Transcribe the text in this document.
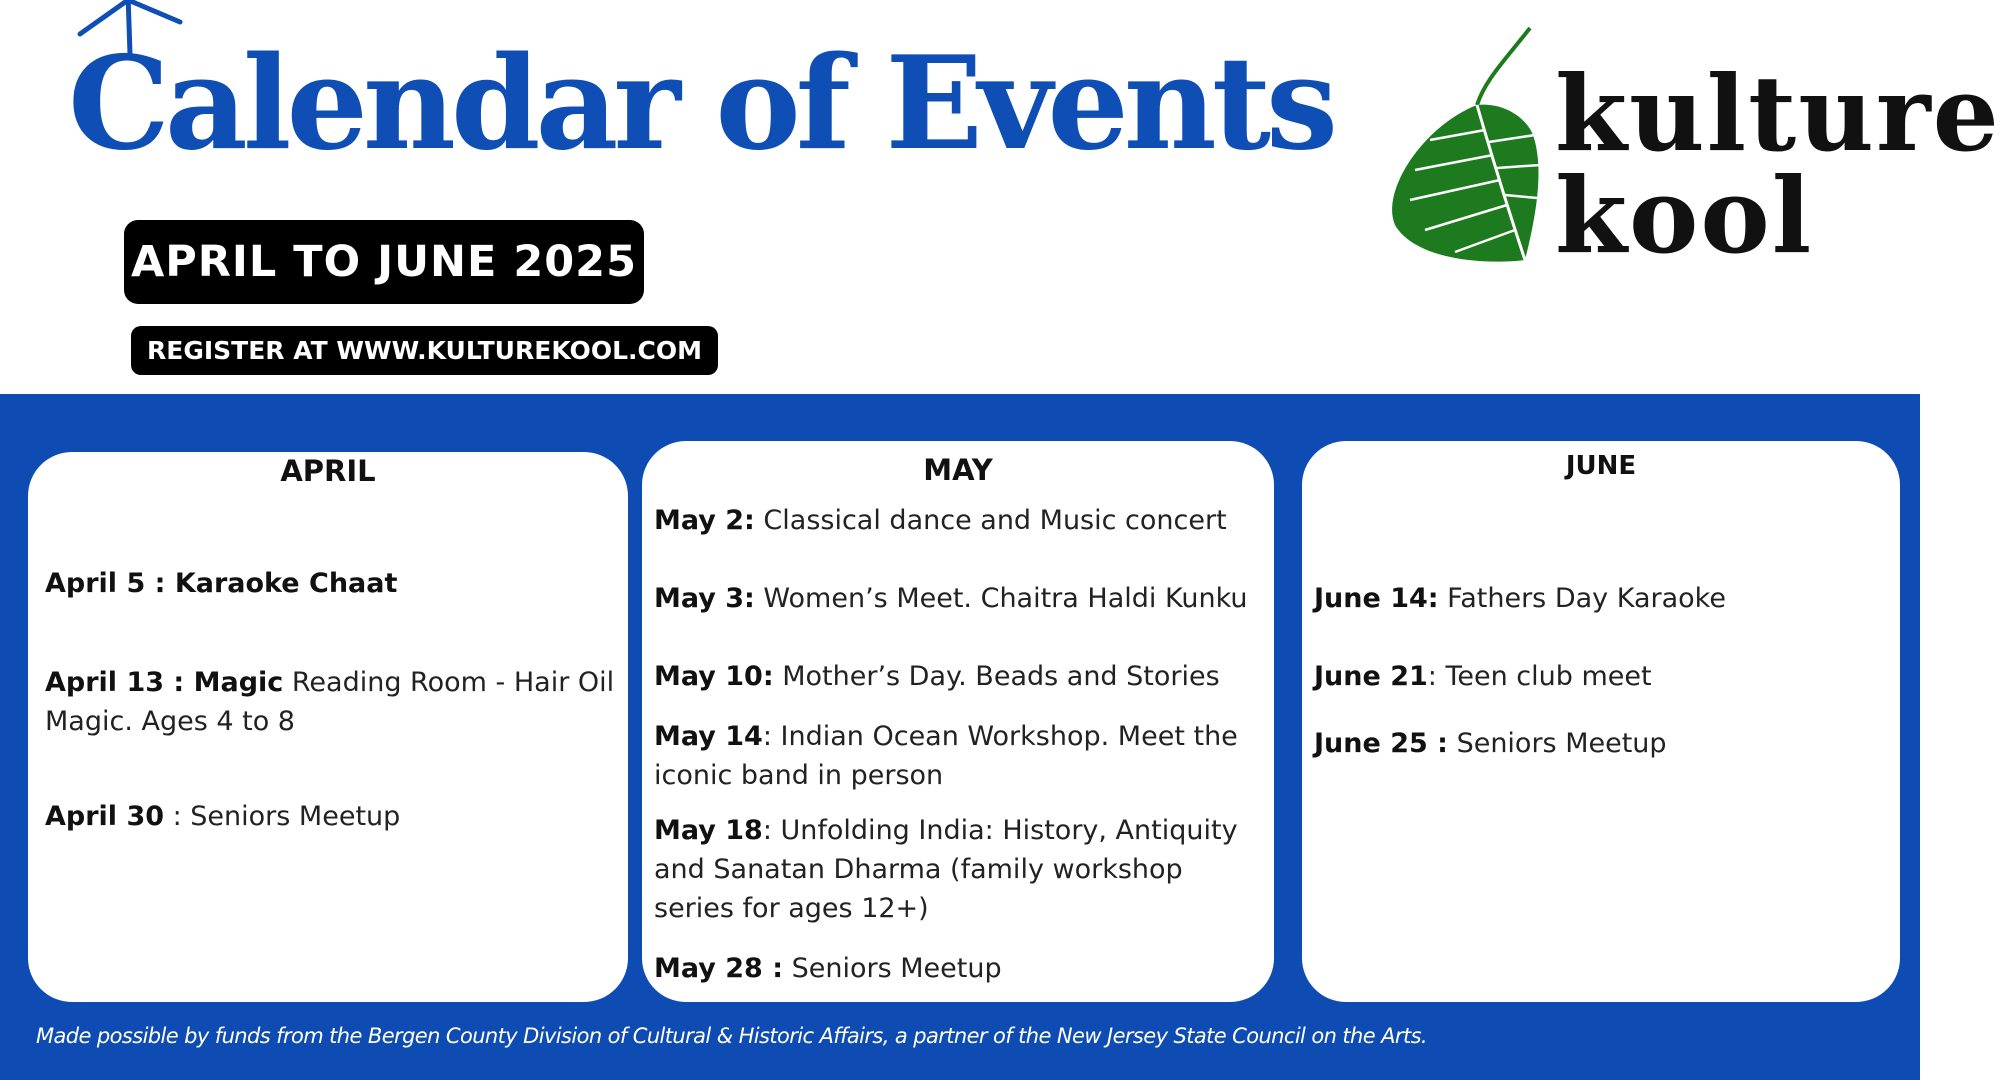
Calendar of Events
APRIL TO JUNE 2025
REGISTER AT WWW.KULTUREKOOL.COM
kulture
kool
APRIL
April 5 : Karaoke Chaat
April 13 : Magic Reading Room - Hair Oil Magic. Ages 4 to 8
April 30 : Seniors Meetup
MAY
May 2: Classical dance and Music concert
May 3: Women’s Meet. Chaitra Haldi Kunku
May 10: Mother’s Day. Beads and Stories
May 14: Indian Ocean Workshop. Meet the iconic band in person
May 18: Unfolding India: History, Antiquity and Sanatan Dharma (family workshop series for ages 12+)
May 28 : Seniors Meetup
JUNE
June 14: Fathers Day Karaoke
June 21: Teen club meet
June 25 : Seniors Meetup
Made possible by funds from the Bergen County Division of Cultural & Historic Affairs, a partner of the New Jersey State Council on the Arts.
